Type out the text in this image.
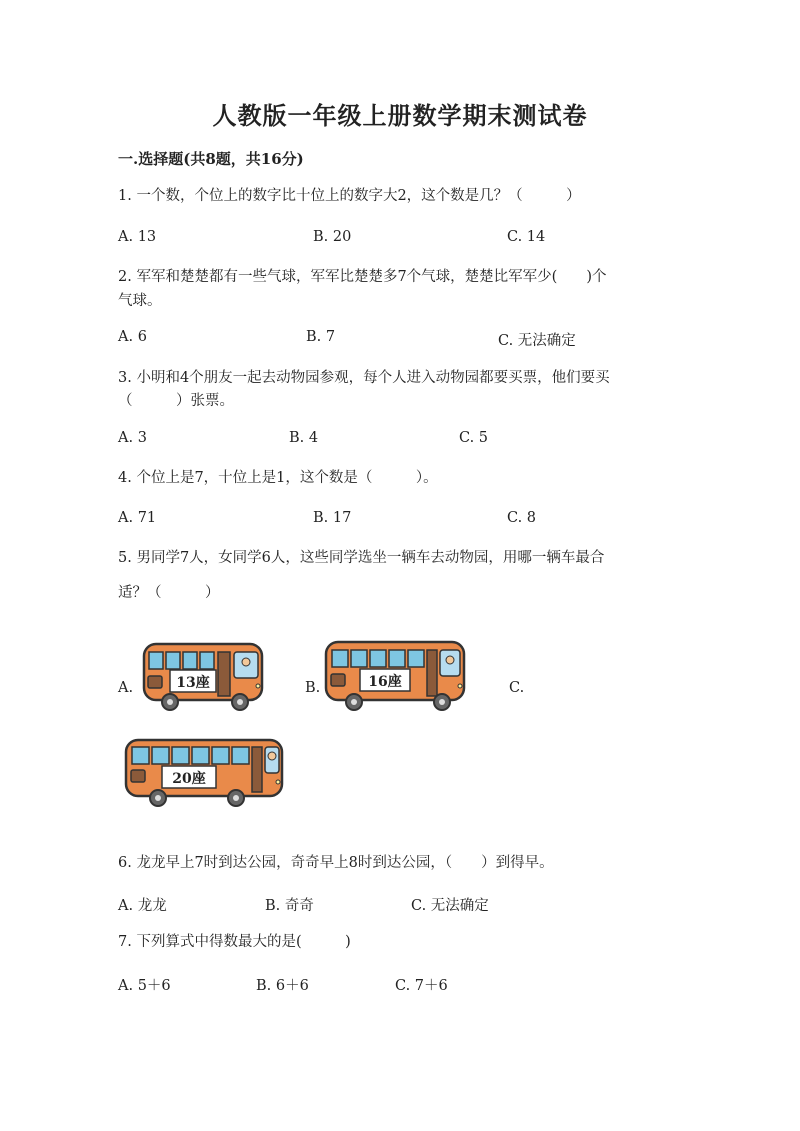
人教版一年级上册数学期末测试卷
一.选择题(共8题，共16分)
1. 一个数，个位上的数字比十位上的数字大2，这个数是几？（　　　）
A. 13	B. 20	C. 14
2. 军军和楚楚都有一些气球，军军比楚楚多7个气球，楚楚比军军少(　　)个
气球。
A. 6	B. 7	C. 无法确定
3. 小明和4个朋友一起去动物园参观，每个人进入动物园都要买票，他们要买
（　　　）张票。
A. 3	B. 4	C. 5
4. 个位上是7，十位上是1，这个数是（　　　）。
A. 71	B. 17	C. 8
5. 男同学7人，女同学6人，这些同学选坐一辆车去动物园，用哪一辆车最合
适？（　　　）
A.	B.	C.
13座	16座
20座
6. 龙龙早上7时到达公园，奇奇早上8时到达公园，（　　）到得早。
A. 龙龙	B. 奇奇	C. 无法确定
7. 下列算式中得数最大的是(　　　)
A. 5＋6	B. 6＋6	C. 7＋6
